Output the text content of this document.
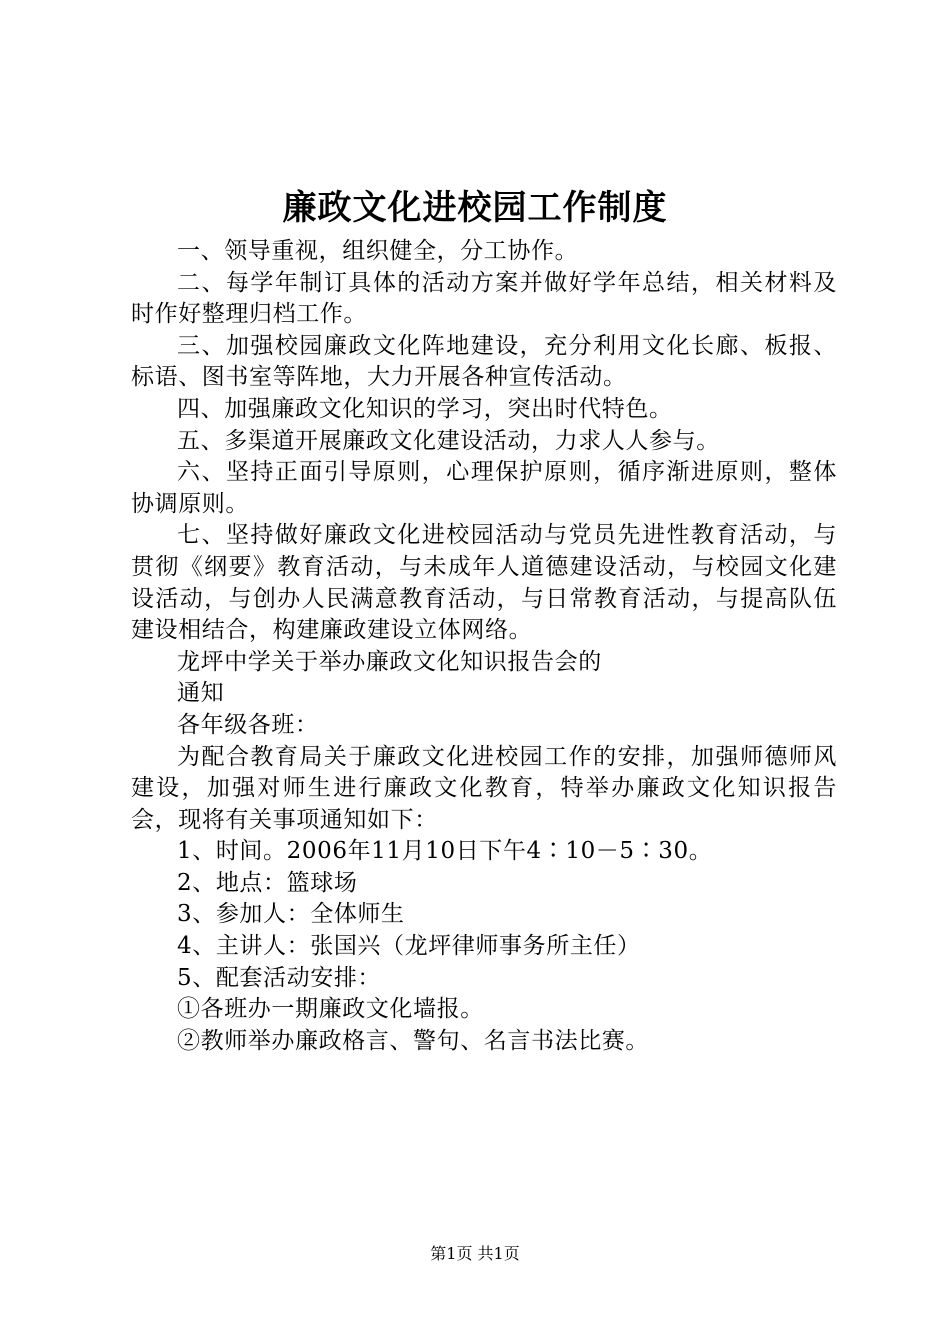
廉政文化进校园工作制度

一、领导重视，组织健全，分工协作。

二、每学年制订具体的活动方案并做好学年总结，相关材料及时作好整理归档工作。

三、加强校园廉政文化阵地建设，充分利用文化长廊、板报、标语、图书室等阵地，大力开展各种宣传活动。

四、加强廉政文化知识的学习，突出时代特色。

五、多渠道开展廉政文化建设活动，力求人人参与。

六、坚持正面引导原则，心理保护原则，循序渐进原则，整体协调原则。

七、坚持做好廉政文化进校园活动与党员先进性教育活动，与贯彻《纲要》教育活动，与未成年人道德建设活动，与校园文化建设活动，与创办人民满意教育活动，与日常教育活动，与提高队伍建设相结合，构建廉政建设立体网络。

龙坪中学关于举办廉政文化知识报告会的

通知

各年级各班：

为配合教育局关于廉政文化进校园工作的安排，加强师德师风建设，加强对师生进行廉政文化教育，特举办廉政文化知识报告会，现将有关事项通知如下：

1、时间。2006年11月10日下午4∶10－5∶30。

2、地点：篮球场

3、参加人：全体师生

4、主讲人：张国兴（龙坪律师事务所主任）

5、配套活动安排：

①各班办一期廉政文化墙报。

②教师举办廉政格言、警句、名言书法比赛。

第1页 共1页
